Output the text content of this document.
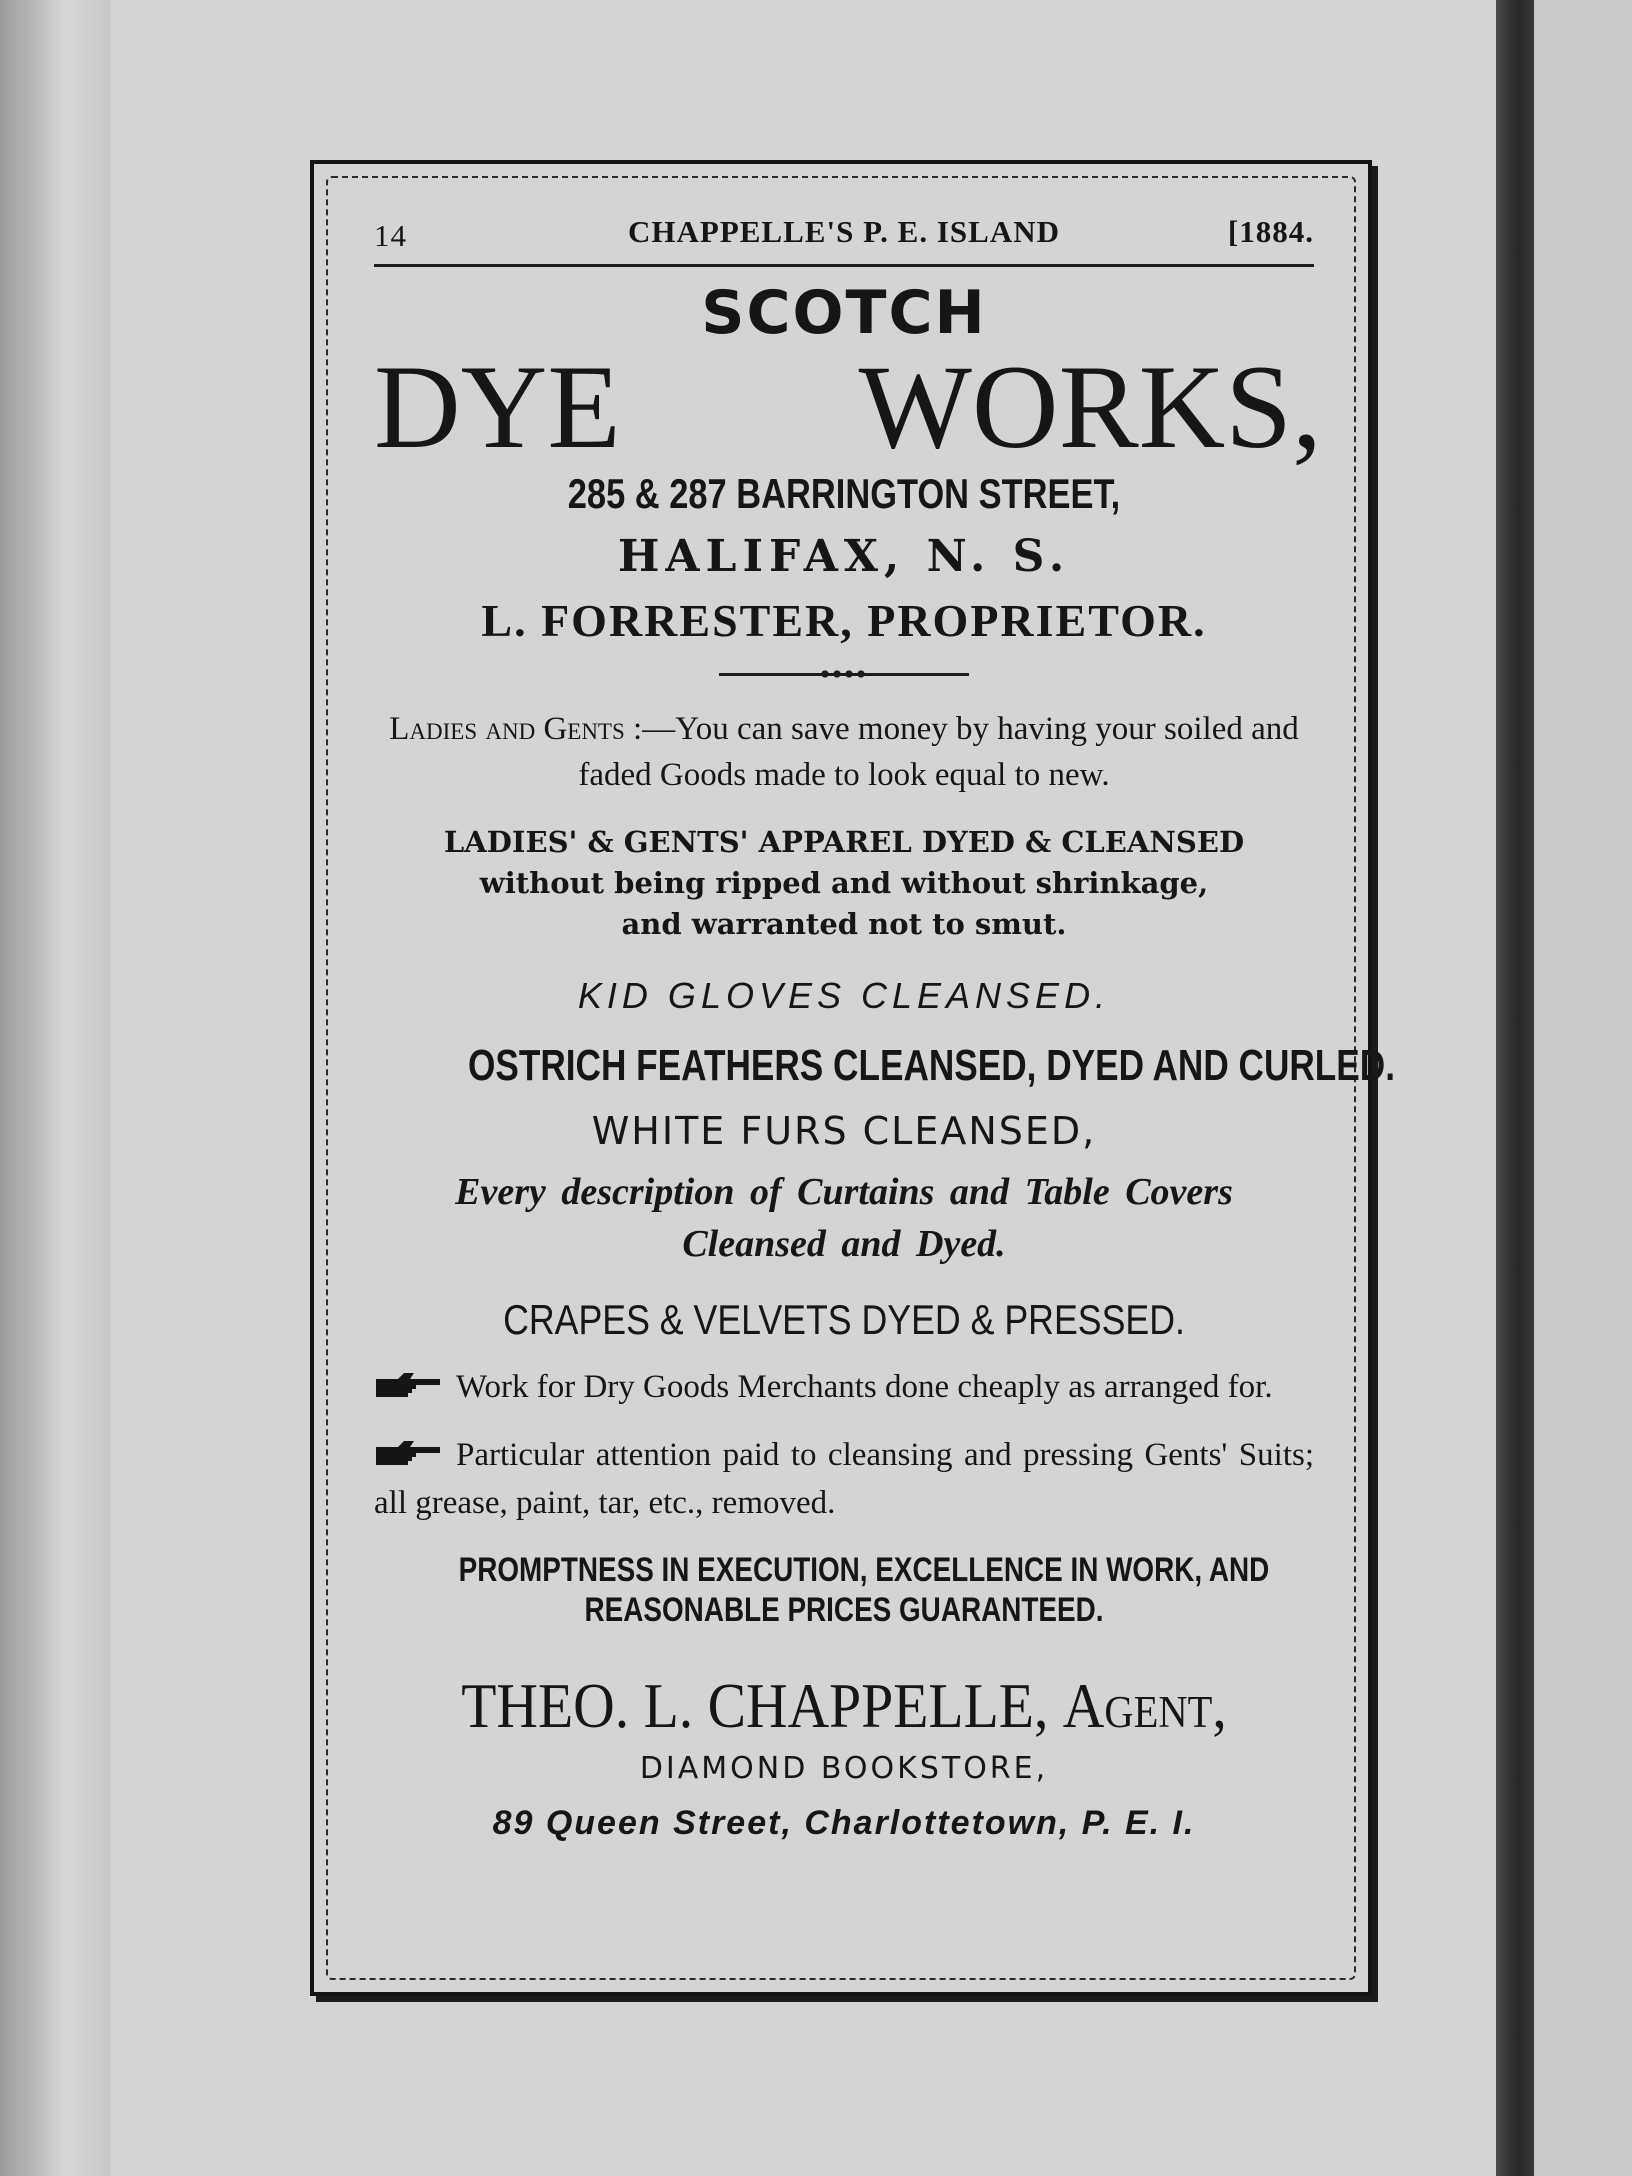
14	CHAPPELLE'S P. E. ISLAND	[1884.
SCOTCH
DYE WORKS,
285 & 287 BARRINGTON STREET,
HALIFAX, N. S.
L. FORRESTER, PROPRIETOR.
Ladies and Gents :—You can save money by having your soiled and faded Goods made to look equal to new.
LADIES' & GENTS' APPAREL DYED & CLEANSED
without being ripped and without shrinkage,
and warranted not to smut.
KID GLOVES CLEANSED.
OSTRICH FEATHERS CLEANSED, DYED AND CURLED.
WHITE FURS CLEANSED,
Every description of Curtains and Table Covers
Cleansed and Dyed.
CRAPES & VELVETS DYED & PRESSED.
Work for Dry Goods Merchants done cheaply as arranged for.
Particular attention paid to cleansing and pressing Gents' Suits; all grease, paint, tar, etc., removed.
PROMPTNESS IN EXECUTION, EXCELLENCE IN WORK, AND
REASONABLE PRICES GUARANTEED.
THEO. L. CHAPPELLE, Agent,
DIAMOND BOOKSTORE,
89 Queen Street, Charlottetown, P. E. I.
